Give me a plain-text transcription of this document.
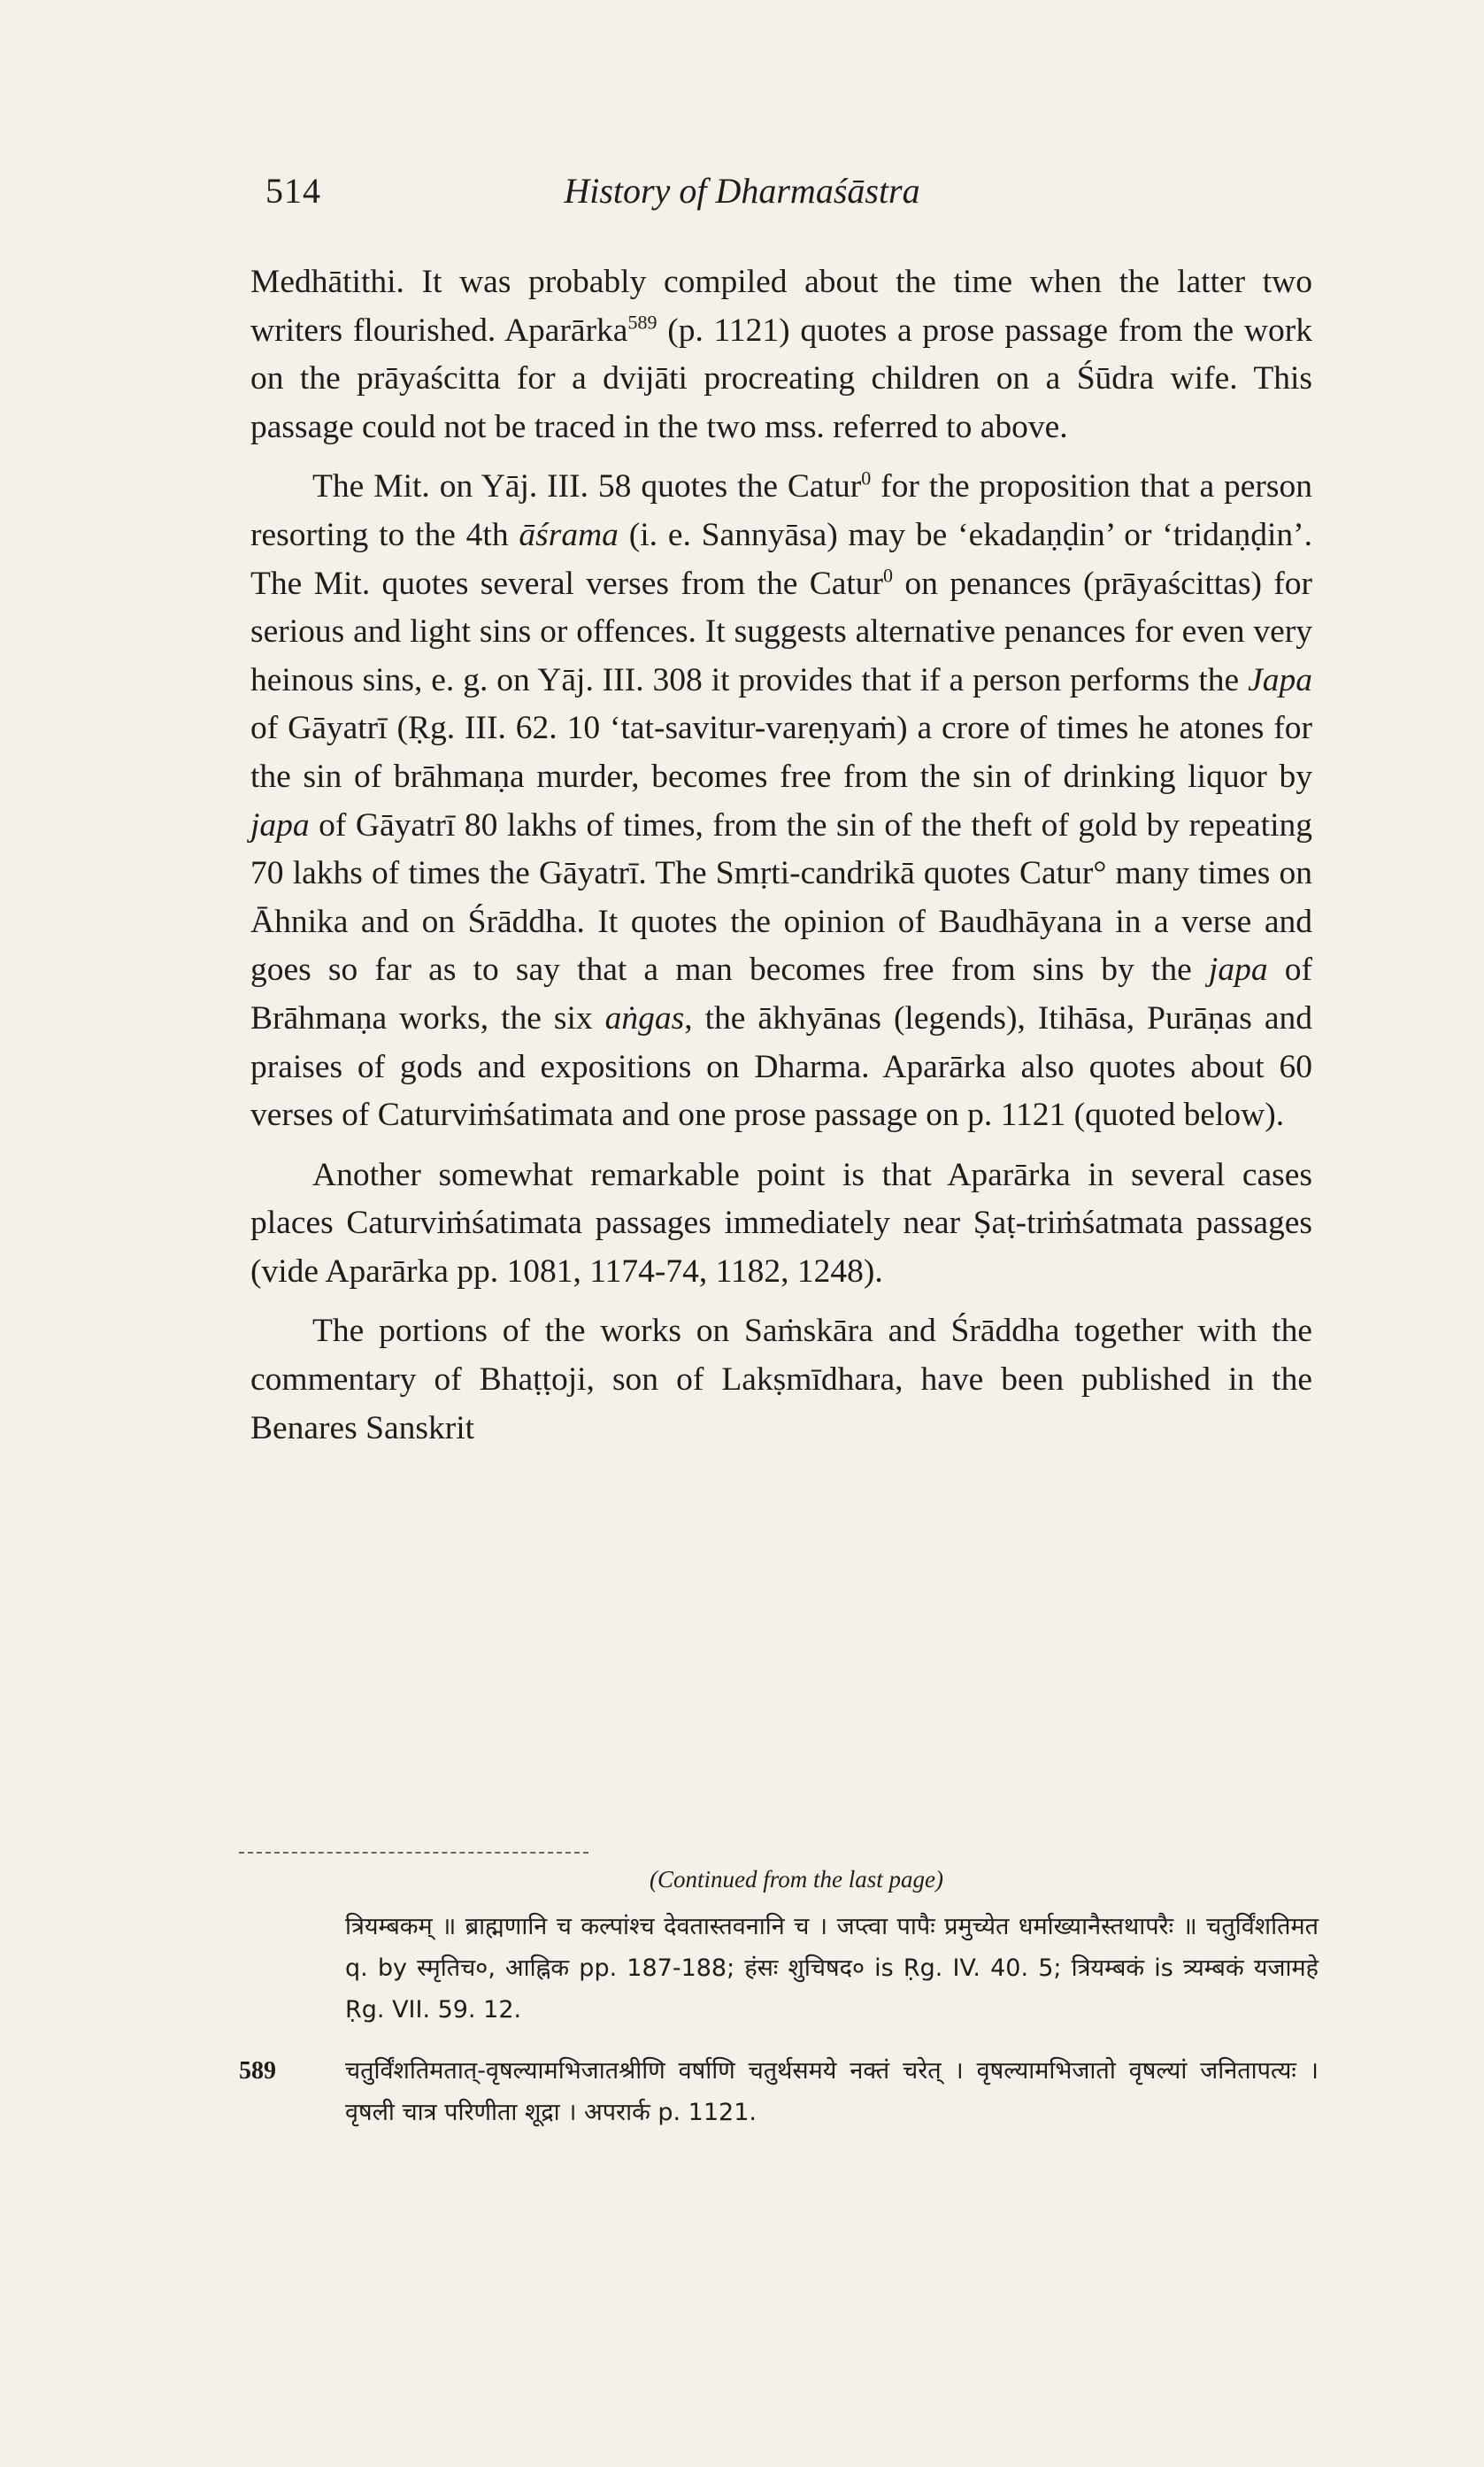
514	History of Dharmaśāstra

Medhātithi. It was probably compiled about the time when the latter two writers flourished. Aparārka$^{589}$ (p. 1121) quotes a prose passage from the work on the prāyaścitta for a dvijāti procreating children on a Śūdra wife. This passage could not be traced in the two mss. referred to above.

The Mit. on Yāj. III. 58 quotes the Catur$^0$ for the proposition that a person resorting to the 4th āśrama (i. e. Sannyāsa) may be ‘ekadaṇḍin’ or ‘tridaṇḍin’. The Mit. quotes several verses from the Catur$^0$ on penances (prāyaścittas) for serious and light sins or offences. It suggests alternative penances for even very heinous sins, e. g. on Yāj. III. 308 it provides that if a person performs the Japa of Gāyatrī (Ṛg. III. 62. 10 ‘tat-savitur-vareṇyaṁ) a crore of times he atones for the sin of brāhmaṇa murder, becomes free from the sin of drinking liquor by japa of Gāyatrī 80 lakhs of times, from the sin of the theft of gold by repeating 70 lakhs of times the Gāyatrī. The Smṛti-candrikā quotes Catur° many times on Āhnika and on Śrāddha. It quotes the opinion of Baudhāyana in a verse and goes so far as to say that a man becomes free from sins by the japa of Brāhmaṇa works, the six aṅgas, the ākhyānas (legends), Itihāsa, Purāṇas and praises of gods and expositions on Dharma. Aparārka also quotes about 60 verses of Caturviṁśatimata and one prose passage on p. 1121 (quoted below).

Another somewhat remarkable point is that Aparārka in several cases places Caturviṁśatimata passages immediately near Ṣaṭ-triṁśatmata passages (vide Aparārka pp. 1081, 1174-74, 1182, 1248).

The portions of the works on Saṁskāra and Śrāddha together with the commentary of Bhaṭṭoji, son of Lakṣmīdhara, have been published in the Benares Sanskrit

(Continued from the last page)
त्रियम्बकम् ॥ ब्राह्मणानि च कल्पांश्च देवतास्तवनानि च । जप्त्वा पापैः प्रमुच्येत धर्माख्यानैस्तथापरैः ॥ चतुर्विंशतिमत q. by स्मृतिच०, आह्निक pp. 187-188; हंसः शुचिषद० is Ṛg. IV. 40. 5; त्रियम्बकं is त्र्यम्बकं यजामहे Ṛg. VII. 59. 12.
589	चतुर्विंशतिमतात्-वृषल्यामभिजातश्रीणि वर्षाणि चतुर्थसमये नक्तं चरेत् । वृषल्यामभिजातो वृषल्यां जनितापत्यः । वृषली चात्र परिणीता शूद्रा । अपरार्क p. 1121.
